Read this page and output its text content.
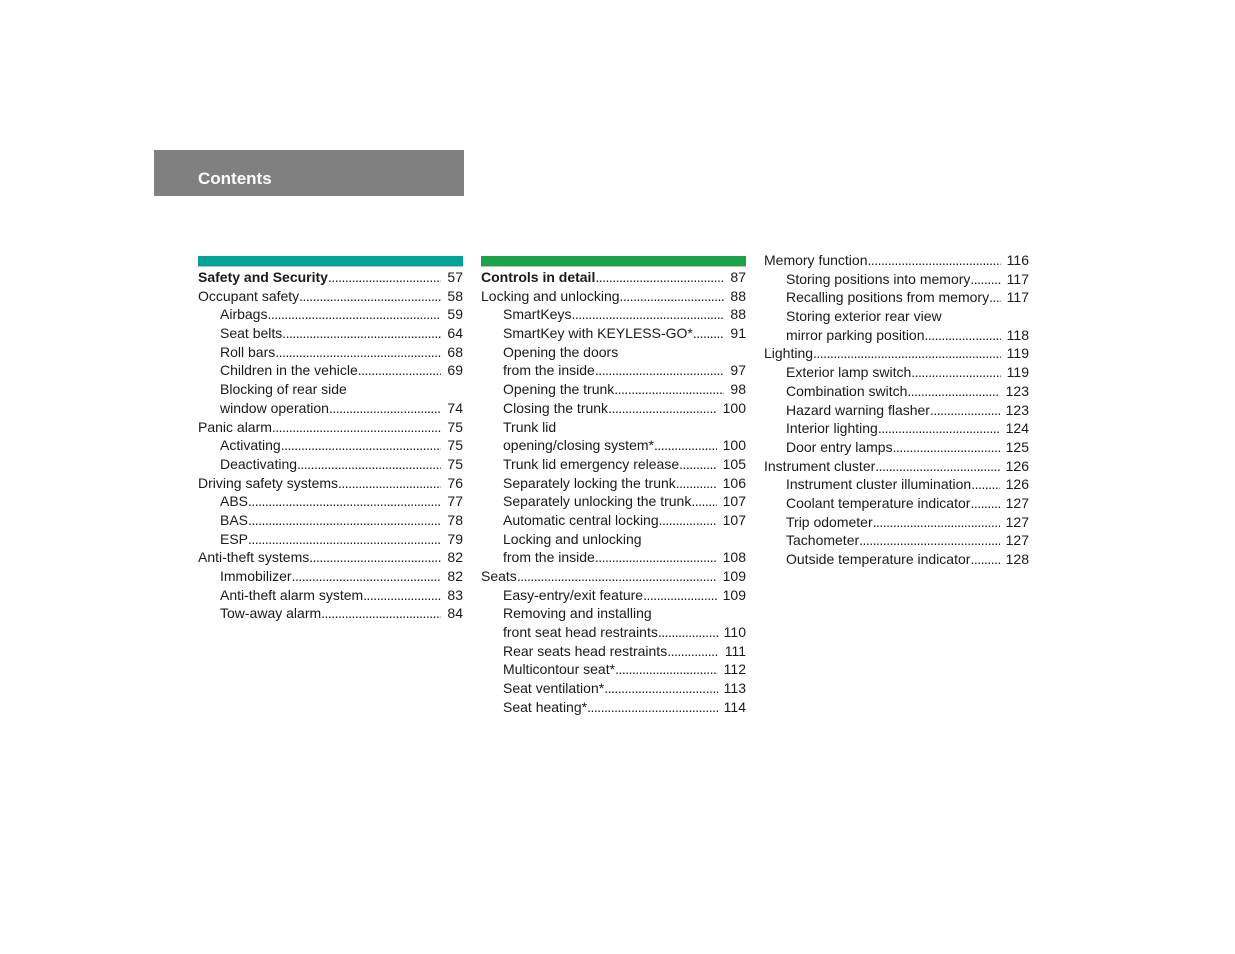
Contents
Safety and Security . . .	57
Occupant safety . . .	58
Airbags . . .	59
Seat belts . . .	64
Roll bars . . .	68
Children in the vehicle . . .	69
Blocking of rear side
window operation . . .	74
Panic alarm . . .	75
Activating . . .	75
Deactivating . . .	75
Driving safety systems . . .	76
ABS . . .	77
BAS . . .	78
ESP . . .	79
Anti-theft systems . . .	82
Immobilizer . . .	82
Anti-theft alarm system . . .	83
Tow-away alarm . . .	84
Controls in detail . . .	87
Locking and unlocking . . .	88
SmartKeys . . .	88
SmartKey with KEYLESS-GO* . . .	91
Opening the doors
from the inside . . .	97
Opening the trunk . . .	98
Closing the trunk . . .	100
Trunk lid
opening/closing system* . . .	100
Trunk lid emergency release . . .	105
Separately locking the trunk . . .	106
Separately unlocking the trunk . . . 107
Automatic central locking . . .	107
Locking and unlocking
from the inside . . .	108
Seats . . .	109
Easy-entry/exit feature . . .	109
Removing and installing
front seat head restraints . . .	110
Rear seats head restraints . . .	111
Multicontour seat* . . .	112
Seat ventilation* . . .	113
Seat heating* . . .	114
Memory function . . .	116
Storing positions into memory . . .	117
Recalling positions from memory . . . 117
Storing exterior rear view
mirror parking position . . .	118
Lighting . . .	119
Exterior lamp switch . . .	119
Combination switch . . .	123
Hazard warning flasher . . .	123
Interior lighting . . .	124
Door entry lamps . . .	125
Instrument cluster . . .	126
Instrument cluster illumination . . . 126
Coolant temperature indicator . . .	127
Trip odometer . . .	127
Tachometer . . .	127
Outside temperature indicator . . .	128
